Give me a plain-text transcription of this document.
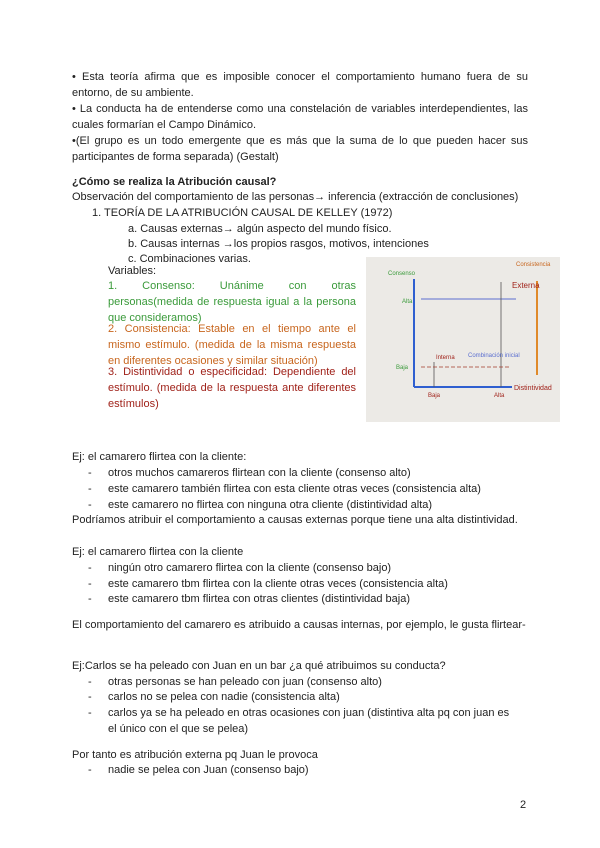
• Esta teoría afirma que es imposible conocer el comportamiento humano fuera de su entorno, de su ambiente.
• La conducta ha de entenderse como una constelación de variables interdependientes, las cuales formarían el Campo Dinámico.
•(El grupo es un todo emergente que es más que la suma de lo que pueden hacer sus participantes de forma separada) (Gestalt)
¿Cómo se realiza la Atribución causal?
Observación del comportamiento de las personas→ inferencia (extracción de conclusiones)
1. TEORÍA DE LA ATRIBUCIÓN CAUSAL DE KELLEY (1972)
a. Causas externas→ algún aspecto del mundo físico.
b. Causas internas →los propios rasgos, motivos, intenciones
c. Combinaciones varias.
Variables:
1. Consenso: Unánime con otras personas(medida de respuesta igual a la persona que consideramos)
2. Consistencia: Estable en el tiempo ante el mismo estímulo. (medida de la misma respuesta en diferentes ocasiones y similar situación)
3. Distintividad o especificidad: Dependiente del estímulo. (medida de la respuesta ante diferentes estímulos)
Consenso
Consistencia
Externa
Interna Combinación inicial
Alta
Baja
Baja	Alta
Distintividad
Ej: el camarero flirtea con la cliente:
- otros muchos camareros flirtean con la cliente (consenso alto)
- este camarero también flirtea con esta cliente otras veces (consistencia alta)
- este camarero no flirtea con ninguna otra cliente (distintividad alta)
Podríamos atribuir el comportamiento a causas externas porque tiene una alta distintividad.
Ej: el camarero flirtea con la cliente
- ningún otro camarero flirtea con la cliente (consenso bajo)
- este camarero tbm flirtea con la cliente otras veces (consistencia alta)
- este camarero tbm flirtea con otras clientes (distintividad baja)
El comportamiento del camarero es atribuido a causas internas, por ejemplo, le gusta flirtear-
Ej:Carlos se ha peleado con Juan en un bar ¿a qué atribuimos su conducta?
- otras personas se han peleado con juan (consenso alto)
- carlos no se pelea con nadie (consistencia alta)
- carlos ya se ha peleado en otras ocasiones con juan (distintiva alta pq con juan es el único con el que se pelea)
Por tanto es atribución externa pq Juan le provoca
- nadie se pelea con Juan (consenso bajo)
2
